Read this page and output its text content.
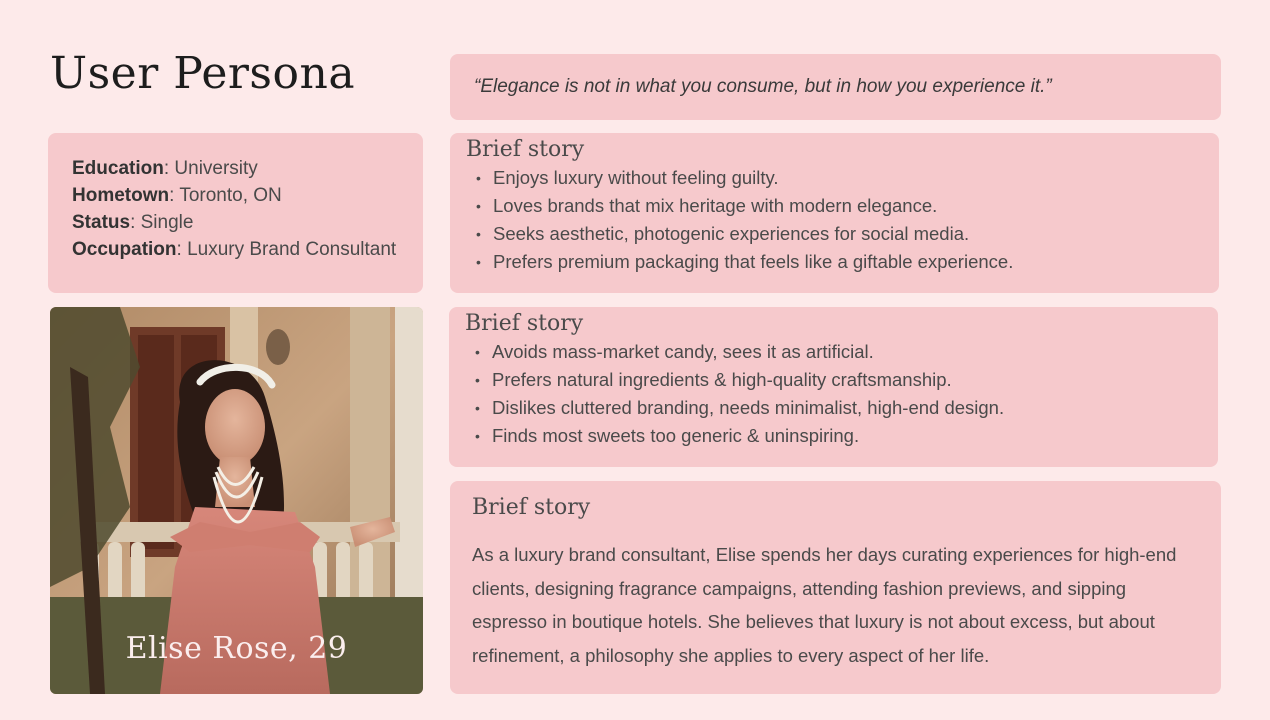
User Persona	“Elegance is not in what you consume, but in how you experience it.”
Education: University
Hometown: Toronto, ON
Status: Single
Occupation: Luxury Brand Consultant
Elise Rose, 29
Brief story
• Enjoys luxury without feeling guilty.
• Loves brands that mix heritage with modern elegance.
• Seeks aesthetic, photogenic experiences for social media.
• Prefers premium packaging that feels like a giftable experience.
Brief story
• Avoids mass-market candy, sees it as artificial.
• Prefers natural ingredients & high-quality craftsmanship.
• Dislikes cluttered branding, needs minimalist, high-end design.
• Finds most sweets too generic & uninspiring.
Brief story

As a luxury brand consultant, Elise spends her days curating experiences for high-end clients, designing fragrance campaigns, attending fashion previews, and sipping espresso in boutique hotels. She believes that luxury is not about excess, but about refinement, a philosophy she applies to every aspect of her life.
